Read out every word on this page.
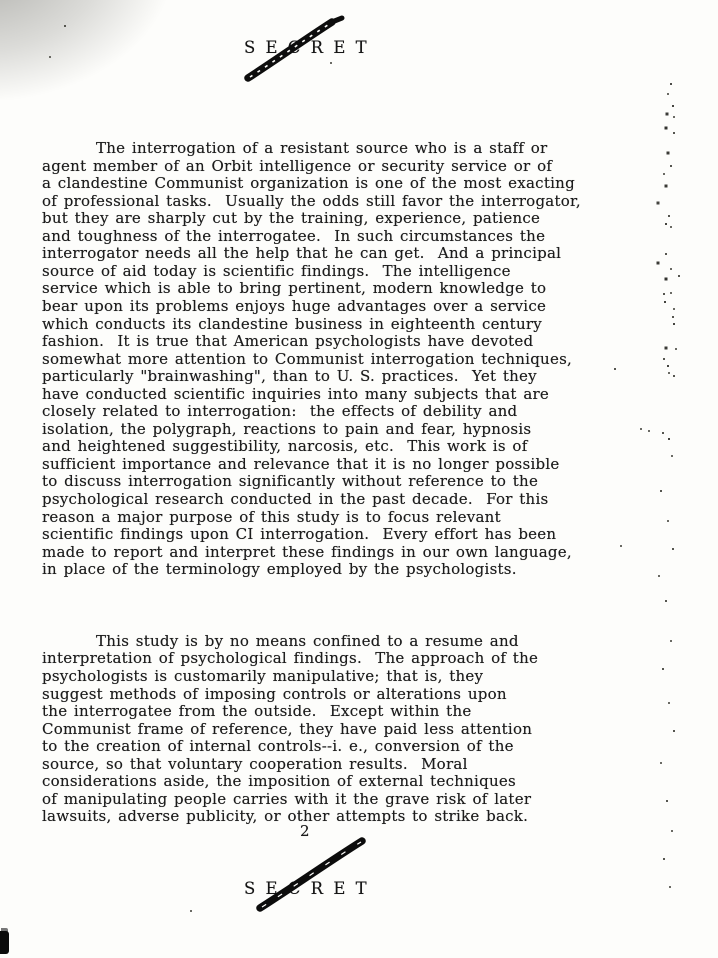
SECRET

The interrogation of a resistant source who is a staff or
agent member of an Orbit intelligence or security service or of
a clandestine Communist organization is one of the most exacting
of professional tasks.  Usually the odds still favor the interrogator,
but they are sharply cut by the training, experience, patience
and toughness of the interrogatee.  In such circumstances the
interrogator needs all the help that he can get.  And a principal
source of aid today is scientific findings.  The intelligence
service which is able to bring pertinent, modern knowledge to
bear upon its problems enjoys huge advantages over a service
which conducts its clandestine business in eighteenth century
fashion.  It is true that American psychologists have devoted
somewhat more attention to Communist interrogation techniques,
particularly "brainwashing", than to U. S. practices.  Yet they
have conducted scientific inquiries into many subjects that are
closely related to interrogation:  the effects of debility and
isolation, the polygraph, reactions to pain and fear, hypnosis
and heightened suggestibility, narcosis, etc.  This work is of
sufficient importance and relevance that it is no longer possible
to discuss interrogation significantly without reference to the
psychological research conducted in the past decade.  For this
reason a major purpose of this study is to focus relevant
scientific findings upon CI interrogation.  Every effort has been
made to report and interpret these findings in our own language,
in place of the terminology employed by the psychologists.

This study is by no means confined to a resume and
interpretation of psychological findings.  The approach of the
psychologists is customarily manipulative; that is, they
suggest methods of imposing controls or alterations upon
the interrogatee from the outside.  Except within the
Communist frame of reference, they have paid less attention
to the creation of internal controls--i. e., conversion of the
source, so that voluntary cooperation results.  Moral
considerations aside, the imposition of external techniques
of manipulating people carries with it the grave risk of later
lawsuits, adverse publicity, or other attempts to strike back.

2
SECRET
